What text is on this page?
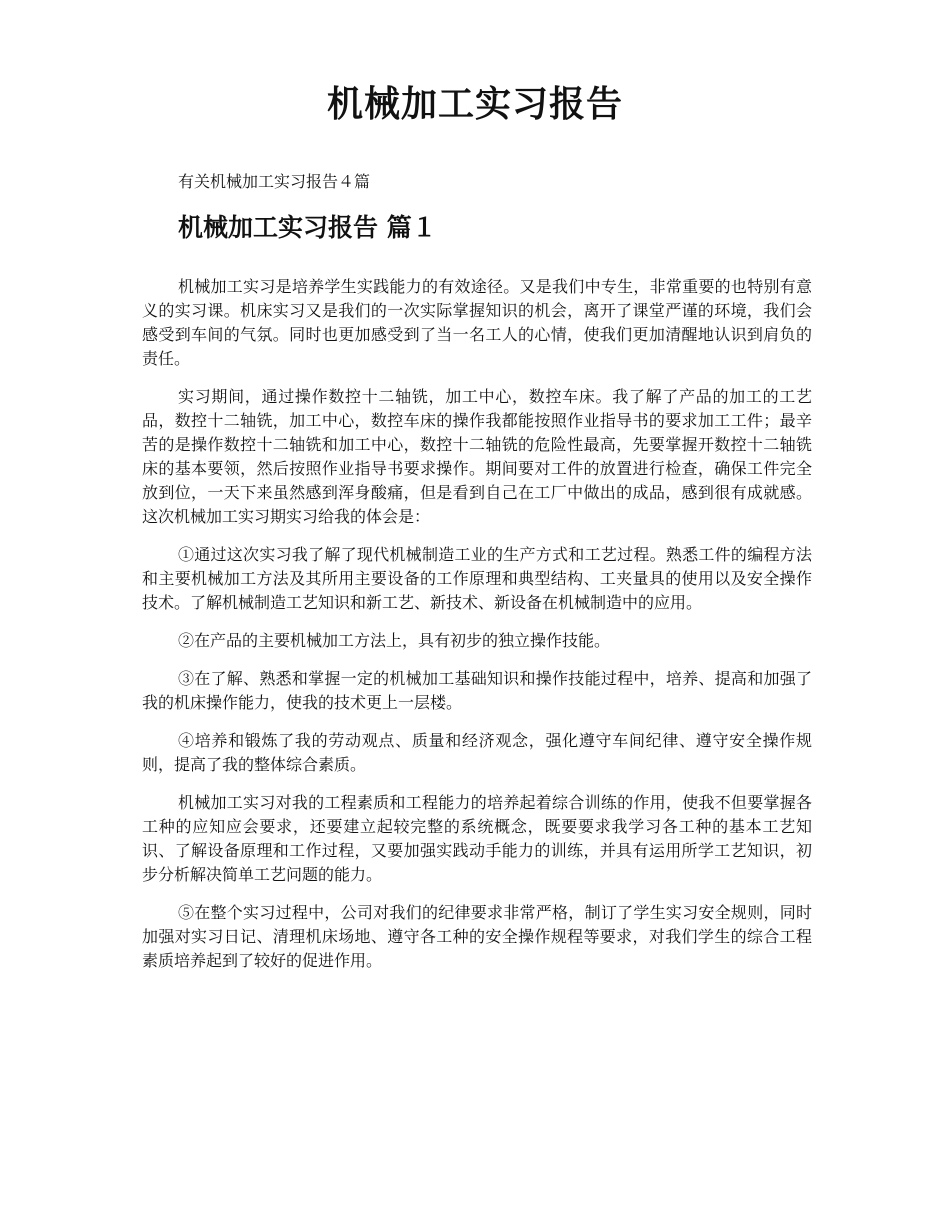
机械加工实习报告
有关机械加工实习报告４篇
机械加工实习报告 篇１

机械加工实习是培养学生实践能力的有效途径。又是我们中专生，非常重要的也特别有意义的实习课。机床实习又是我们的一次实际掌握知识的机会，离开了课堂严谨的环境，我们会感受到车间的气氛。同时也更加感受到了当一名工人的心情，使我们更加清醒地认识到肩负的责任。

实习期间，通过操作数控十二轴铣，加工中心，数控车床。我了解了产品的加工的工艺品，数控十二轴铣，加工中心，数控车床的操作我都能按照作业指导书的要求加工工件；最辛苦的是操作数控十二轴铣和加工中心，数控十二轴铣的危险性最高，先要掌握开数控十二轴铣床的基本要领，然后按照作业指导书要求操作。期间要对工件的放置进行检查，确保工件完全放到位，一天下来虽然感到浑身酸痛，但是看到自己在工厂中做出的成品，感到很有成就感。这次机械加工实习期实习给我的体会是：

①通过这次实习我了解了现代机械制造工业的生产方式和工艺过程。熟悉工件的编程方法和主要机械加工方法及其所用主要设备的工作原理和典型结构、工夹量具的使用以及安全操作技术。了解机械制造工艺知识和新工艺、新技术、新设备在机械制造中的应用。

②在产品的主要机械加工方法上，具有初步的独立操作技能。

③在了解、熟悉和掌握一定的机械加工基础知识和操作技能过程中，培养、提高和加强了我的机床操作能力，使我的技术更上一层楼。

④培养和锻炼了我的劳动观点、质量和经济观念，强化遵守车间纪律、遵守安全操作规则，提高了我的整体综合素质。

机械加工实习对我的工程素质和工程能力的培养起着综合训练的作用，使我不但要掌握各工种的应知应会要求，还要建立起较完整的系统概念，既要要求我学习各工种的基本工艺知识、了解设备原理和工作过程，又要加强实践动手能力的训练，并具有运用所学工艺知识，初步分析解决简单工艺问题的能力。

⑤在整个实习过程中，公司对我们的纪律要求非常严格，制订了学生实习安全规则，同时加强对实习日记、清理机床场地、遵守各工种的安全操作规程等要求，对我们学生的综合工程素质培养起到了较好的促进作用。
